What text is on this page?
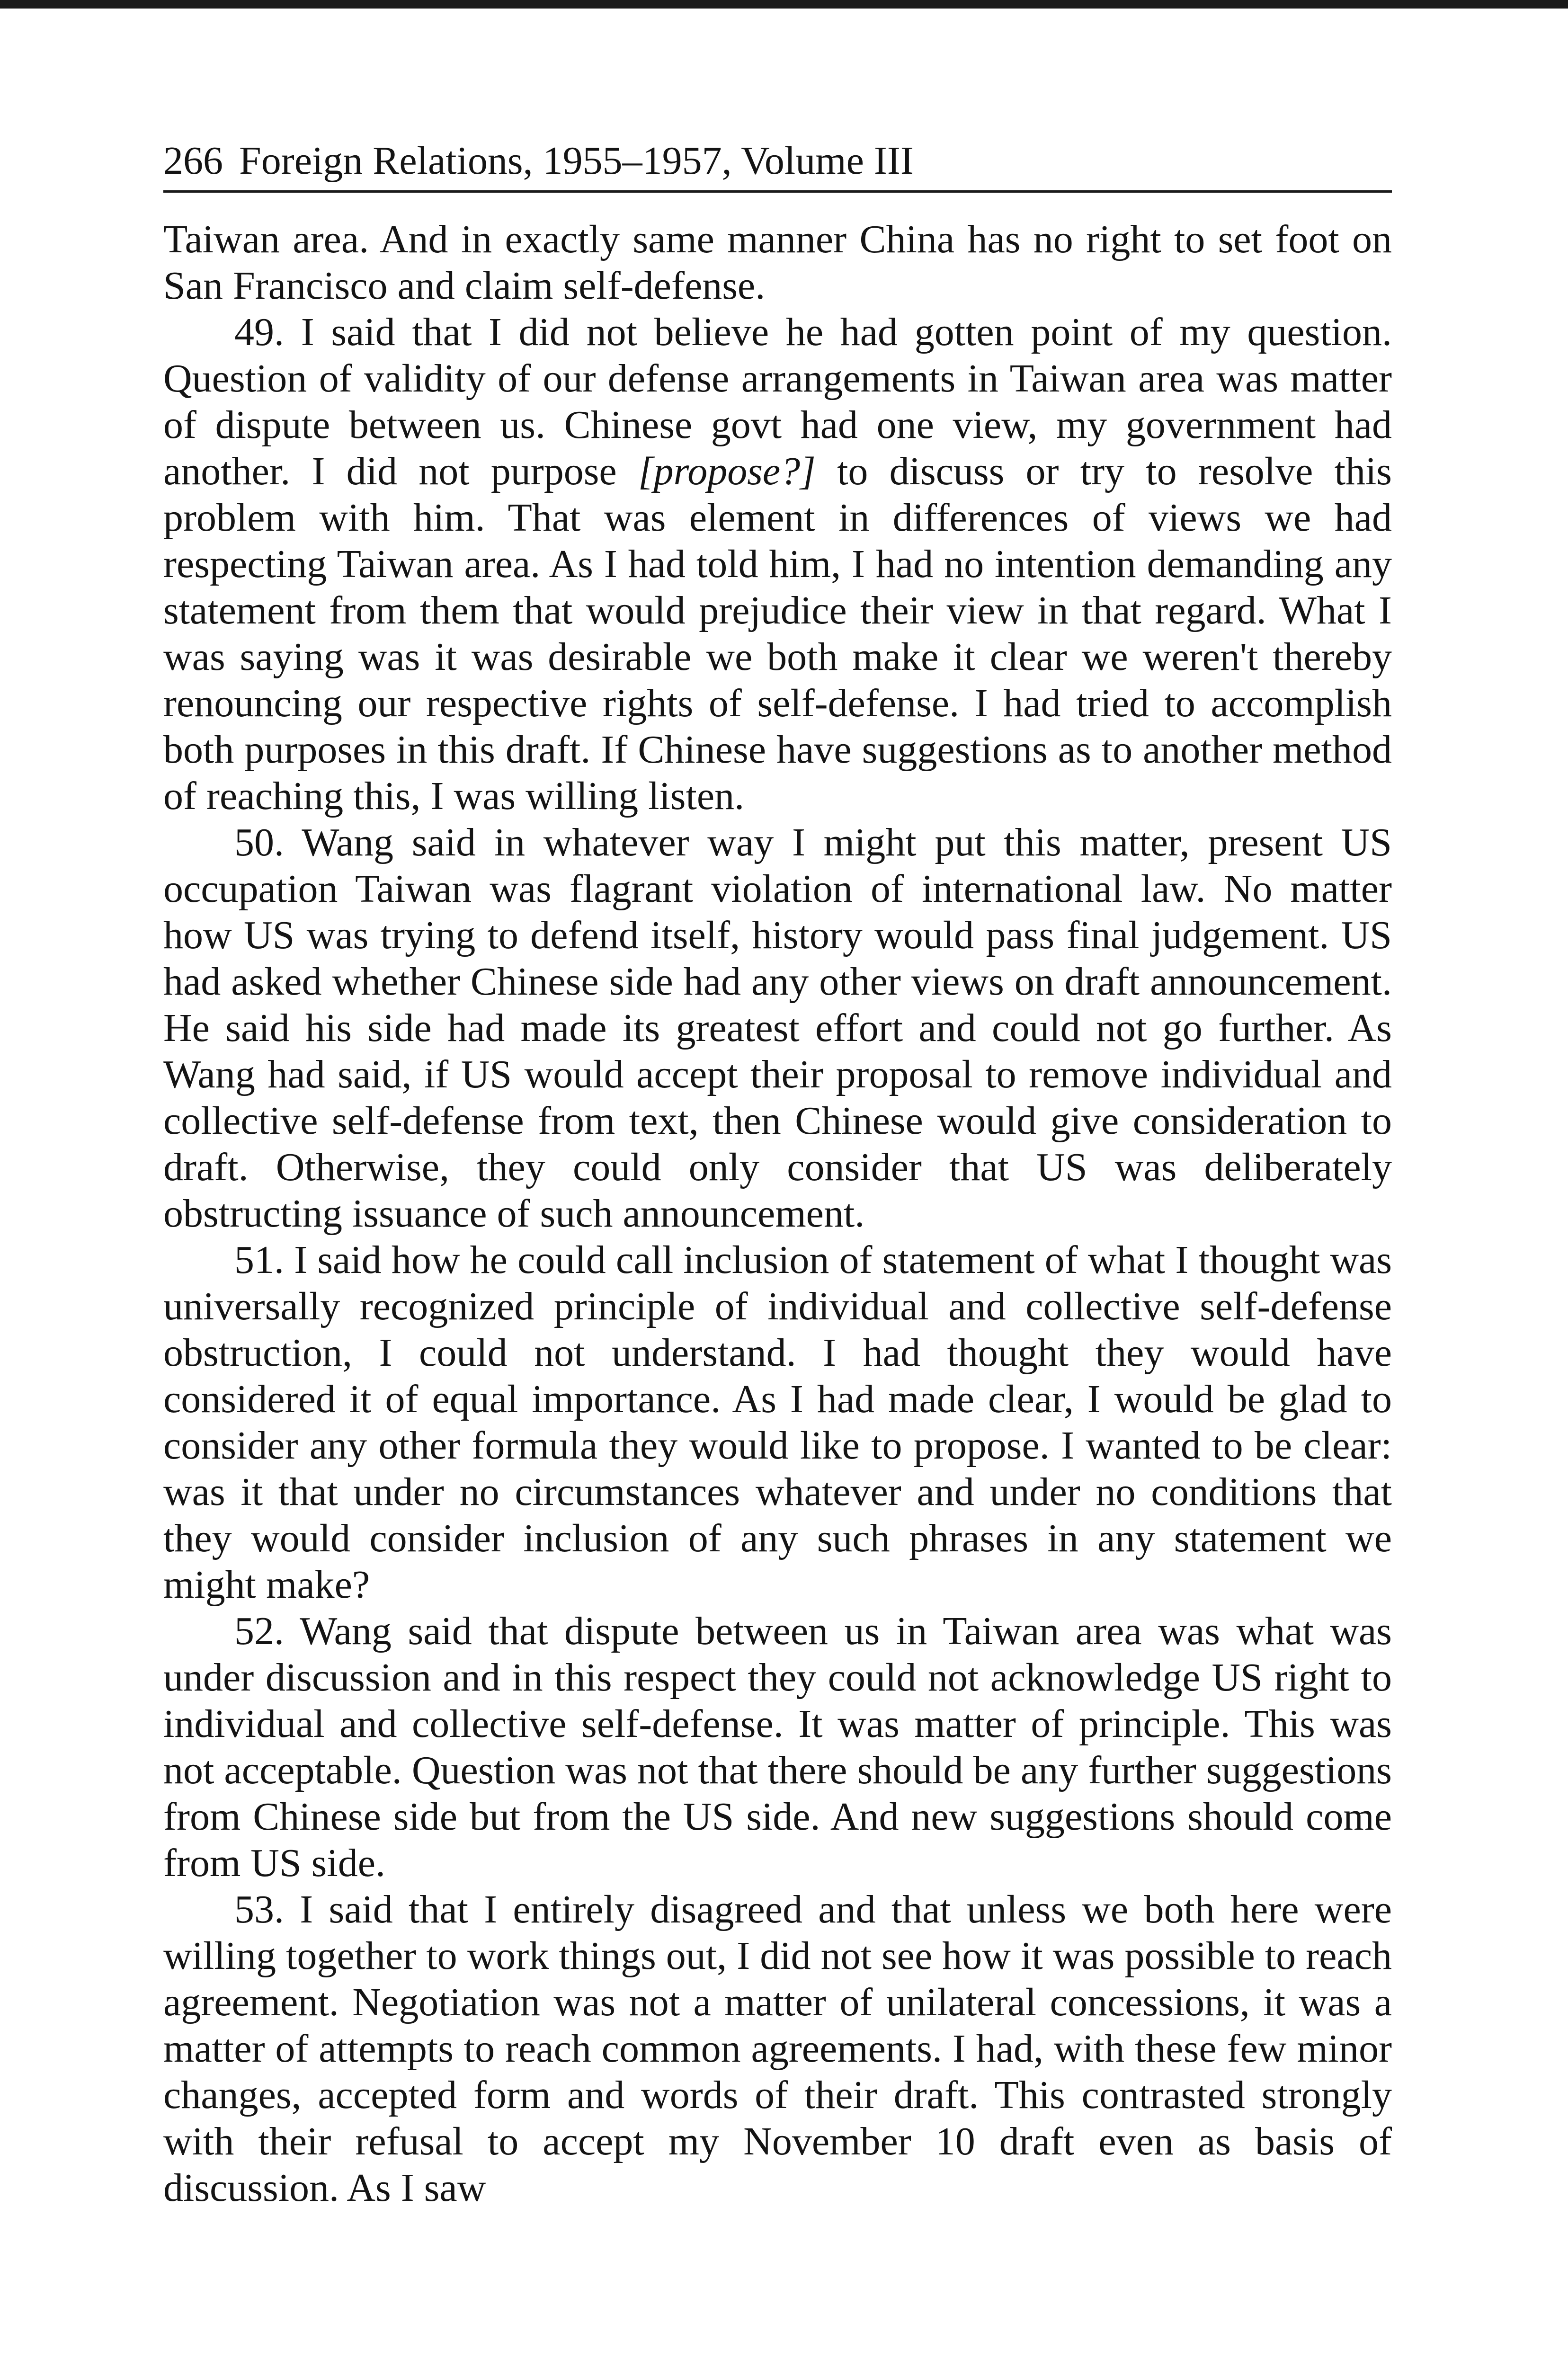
266 Foreign Relations, 1955–1957, Volume III

Taiwan area. And in exactly same manner China has no right to set foot on San Francisco and claim self-defense.

49. I said that I did not believe he had gotten point of my question. Question of validity of our defense arrangements in Taiwan area was matter of dispute between us. Chinese govt had one view, my government had another. I did not purpose [propose?] to discuss or try to resolve this problem with him. That was element in differences of views we had respecting Taiwan area. As I had told him, I had no intention demanding any statement from them that would prejudice their view in that regard. What I was saying was it was desirable we both make it clear we weren't thereby renouncing our respective rights of self-defense. I had tried to accomplish both purposes in this draft. If Chinese have suggestions as to another method of reaching this, I was willing listen.

50. Wang said in whatever way I might put this matter, present US occupation Taiwan was flagrant violation of international law. No matter how US was trying to defend itself, history would pass final judgement. US had asked whether Chinese side had any other views on draft announcement. He said his side had made its greatest effort and could not go further. As Wang had said, if US would accept their proposal to remove individual and collective self-defense from text, then Chinese would give consideration to draft. Otherwise, they could only consider that US was deliberately obstructing issuance of such announcement.

51. I said how he could call inclusion of statement of what I thought was universally recognized principle of individual and collective self-defense obstruction, I could not understand. I had thought they would have considered it of equal importance. As I had made clear, I would be glad to consider any other formula they would like to propose. I wanted to be clear: was it that under no circumstances whatever and under no conditions that they would consider inclusion of any such phrases in any statement we might make?

52. Wang said that dispute between us in Taiwan area was what was under discussion and in this respect they could not acknowledge US right to individual and collective self-defense. It was matter of principle. This was not acceptable. Question was not that there should be any further suggestions from Chinese side but from the US side. And new suggestions should come from US side.

53. I said that I entirely disagreed and that unless we both here were willing together to work things out, I did not see how it was possible to reach agreement. Negotiation was not a matter of unilateral concessions, it was a matter of attempts to reach common agreements. I had, with these few minor changes, accepted form and words of their draft. This contrasted strongly with their refusal to accept my November 10 draft even as basis of discussion. As I saw
